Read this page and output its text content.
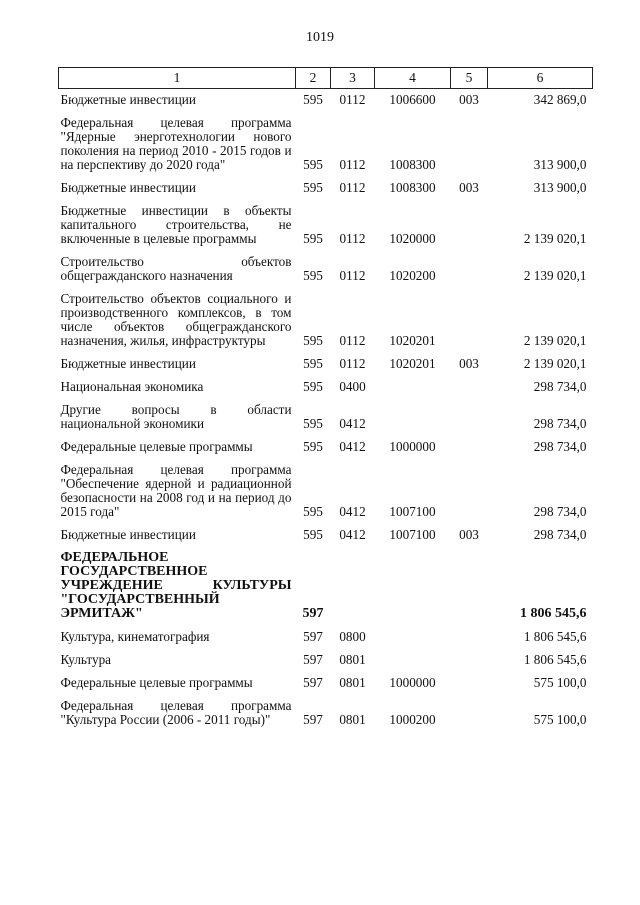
1019
1	2	3	4	5	6
Бюджетные инвестиции	595	0112	1006600	003	342 869,0
Федеральная целевая программа "Ядерные энерготехнологии нового поколения на период 2010 - 2015 годов и на перспективу до 2020 года"	595	0112	1008300		313 900,0
Бюджетные инвестиции	595	0112	1008300	003	313 900,0
Бюджетные инвестиции в объекты капитального строительства, не включенные в целевые программы	595	0112	1020000		2 139 020,1
Строительство объектов общегражданского назначения	595	0112	1020200		2 139 020,1
Строительство объектов социального и производственного комплексов, в том числе объектов общегражданского назначения, жилья, инфраструктуры	595	0112	1020201		2 139 020,1
Бюджетные инвестиции	595	0112	1020201	003	2 139 020,1
Национальная экономика	595	0400			298 734,0
Другие вопросы в области национальной экономики	595	0412			298 734,0
Федеральные целевые программы	595	0412	1000000		298 734,0
Федеральная целевая программа "Обеспечение ядерной и радиационной безопасности на 2008 год и на период до 2015 года"	595	0412	1007100		298 734,0
Бюджетные инвестиции	595	0412	1007100	003	298 734,0
ФЕДЕРАЛЬНОЕ ГОСУДАРСТВЕННОЕ УЧРЕЖДЕНИЕ КУЛЬТУРЫ "ГОСУДАРСТВЕННЫЙ ЭРМИТАЖ"	597				1 806 545,6
Культура, кинематография	597	0800			1 806 545,6
Культура	597	0801			1 806 545,6
Федеральные целевые программы	597	0801	1000000		575 100,0
Федеральная целевая программа "Культура России (2006 - 2011 годы)"	597	0801	1000200		575 100,0
